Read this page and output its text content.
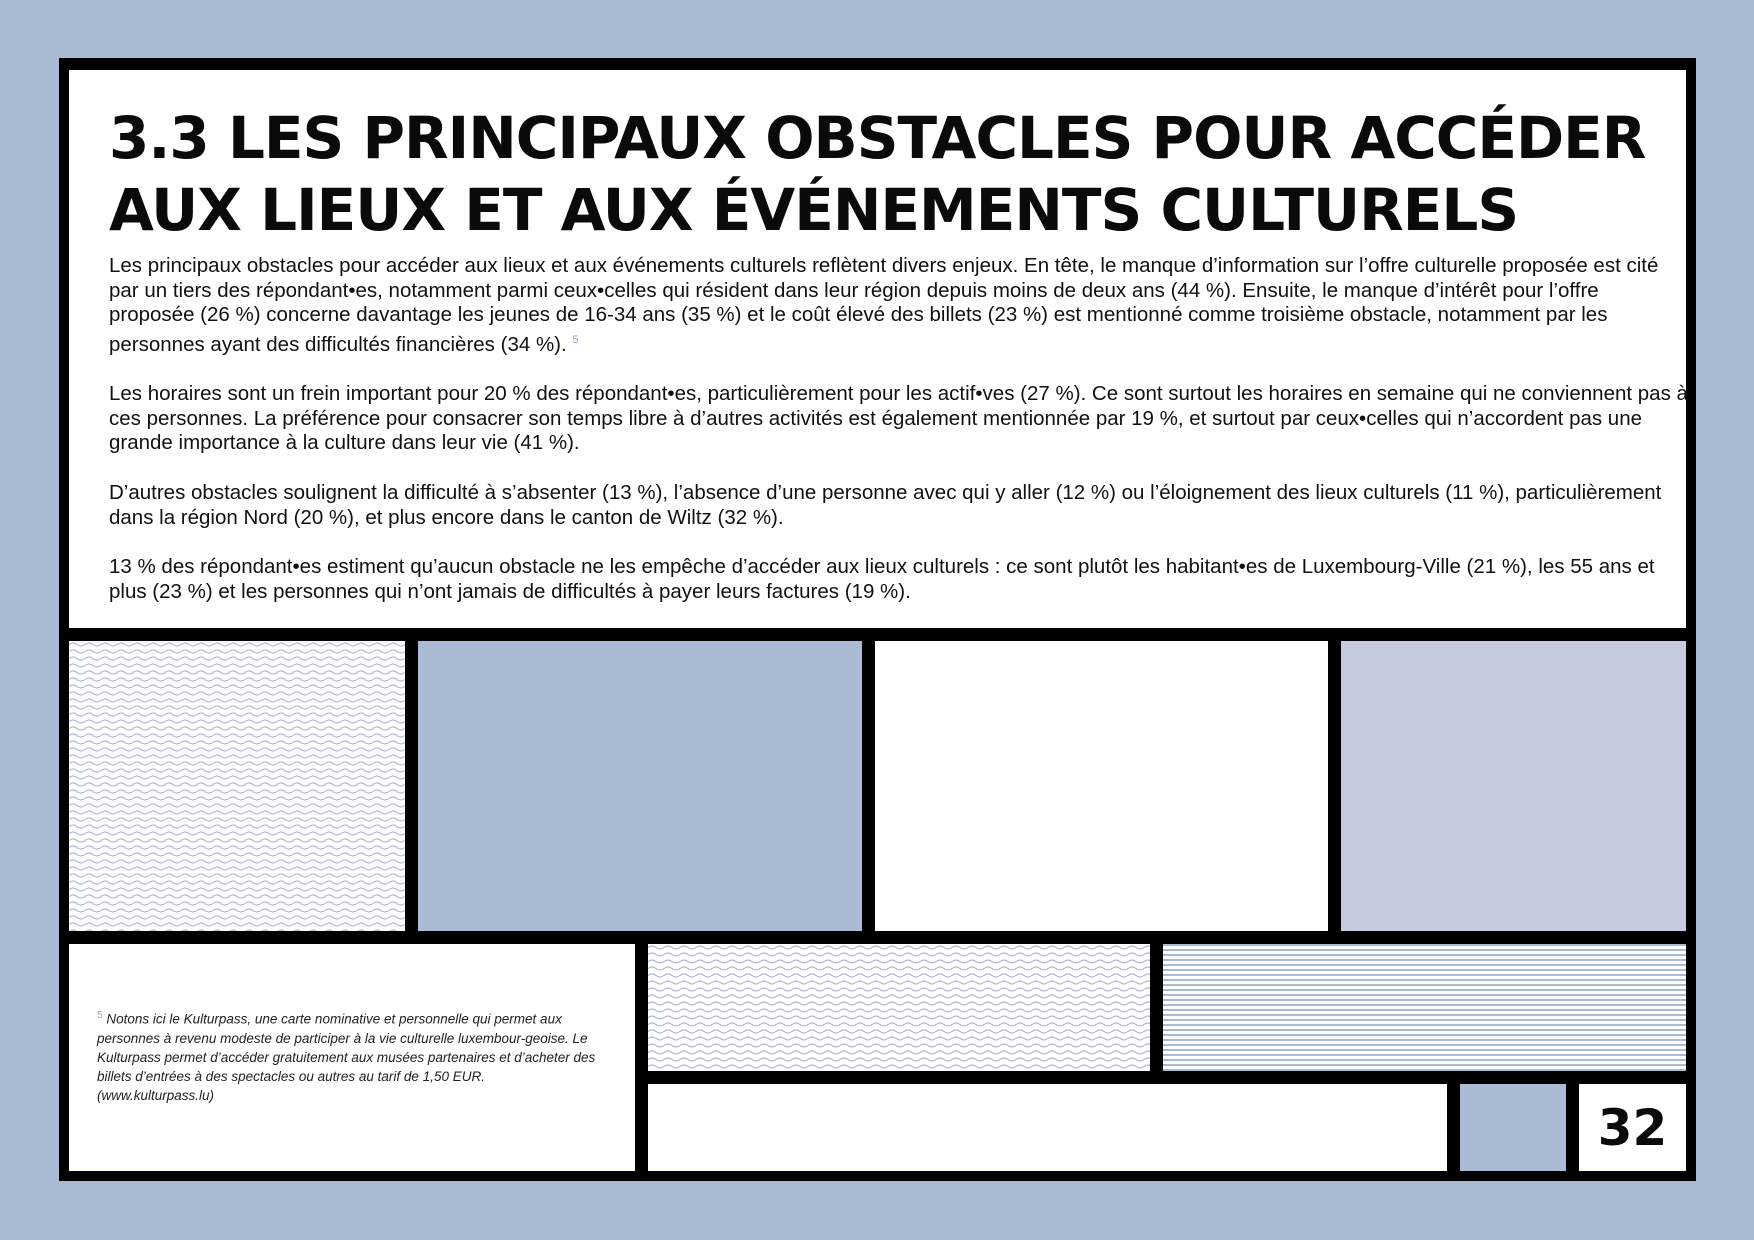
3.3 LES PRINCIPAUX OBSTACLES POUR ACCÉDER AUX LIEUX ET AUX ÉVÉNEMENTS CULTURELS

Les principaux obstacles pour accéder aux lieux et aux événements culturels reflètent divers enjeux. En tête, le manque d’information sur l’offre culturelle proposée est cité par un tiers des répondant•es, notamment parmi ceux•celles qui résident dans leur région depuis moins de deux ans (44 %). Ensuite, le manque d’intérêt pour l’offre proposée (26 %) concerne davantage les jeunes de 16-34 ans (35 %) et le coût élevé des billets (23 %) est mentionné comme troisième obstacle, notamment par les personnes ayant des difficultés financières (34 %). $^5$

Les horaires sont un frein important pour 20 % des répondant•es, particulièrement pour les actif•ves (27 %). Ce sont surtout les horaires en semaine qui ne conviennent pas à ces personnes. La préférence pour consacrer son temps libre à d’autres activités est également mentionnée par 19 %, et surtout par ceux•celles qui n’accordent pas une grande importance à la culture dans leur vie (41 %).

D’autres obstacles soulignent la difficulté à s’absenter (13 %), l’absence d’une personne avec qui y aller (12 %) ou l’éloignement des lieux culturels (11 %), particulièrement dans la région Nord (20 %), et plus encore dans le canton de Wiltz (32 %).

13 % des répondant•es estiment qu’aucun obstacle ne les empêche d’accéder aux lieux culturels : ce sont plutôt les habitant•es de Luxembourg-Ville (21 %), les 55 ans et plus (23 %) et les personnes qui n’ont jamais de difficultés à payer leurs factures (19 %).

$^5$ Notons ici le Kulturpass, une carte nominative et personnelle qui permet aux personnes à revenu modeste de participer à la vie culturelle luxembour-geoise. Le Kulturpass permet d’accéder gratuitement aux musées partenaires et d’acheter des billets d’entrées à des spectacles ou autres au tarif de 1,50 EUR. (www.kulturpass.lu)
32
